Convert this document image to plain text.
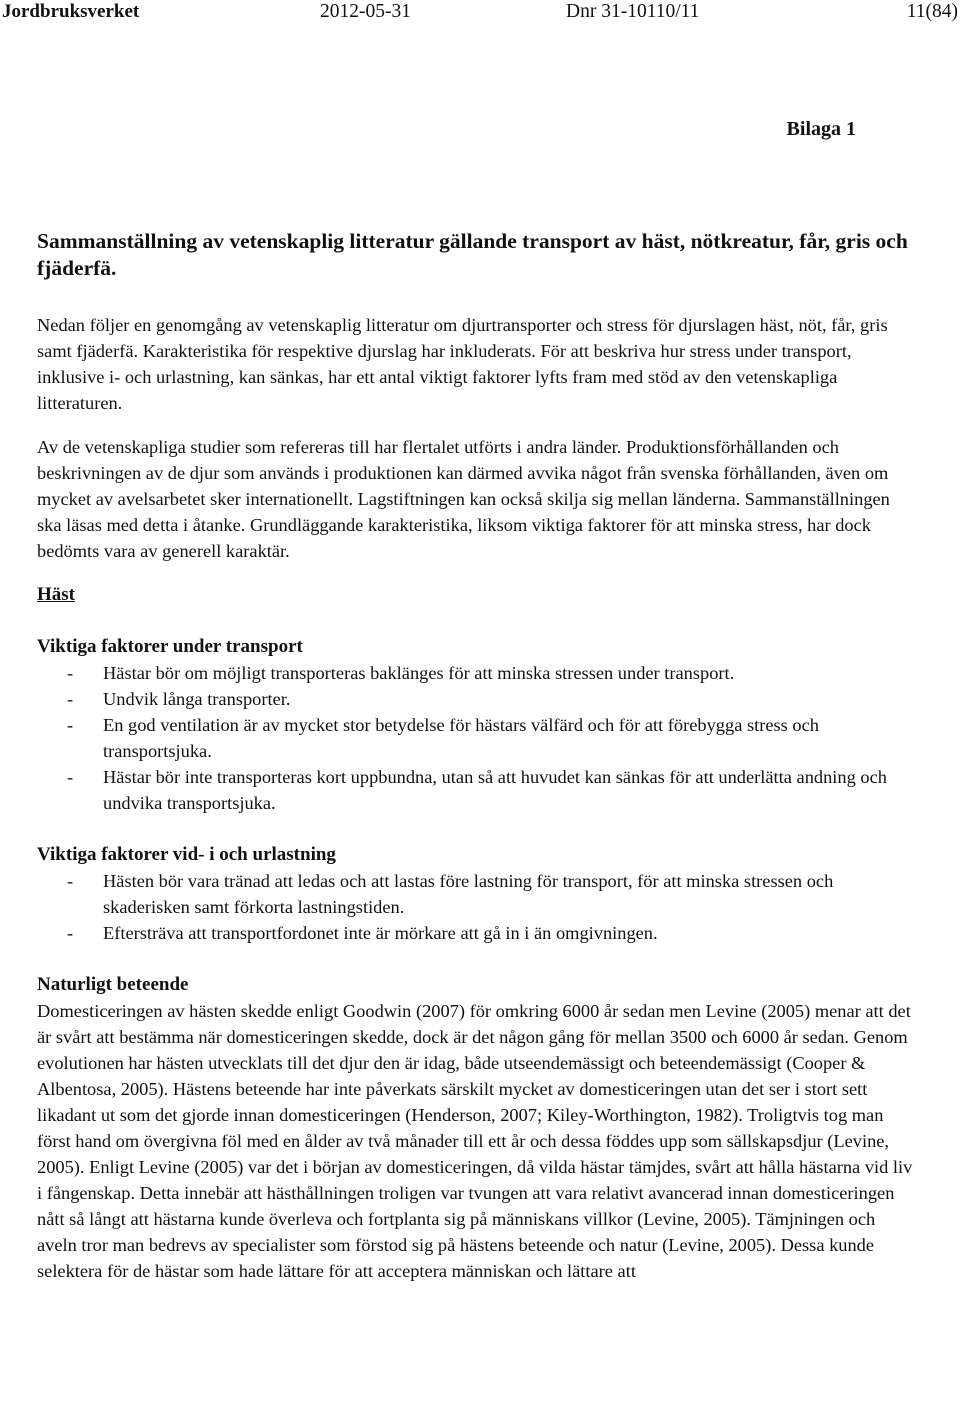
Jordbruksverket	2012-05-31	Dnr 31-10110/11	11(84)
Bilaga 1
Sammanställning av vetenskaplig litteratur gällande transport av häst, nötkreatur, får, gris och fjäderfä.

Nedan följer en genomgång av vetenskaplig litteratur om djurtransporter och stress för djurslagen häst, nöt, får, gris samt fjäderfä. Karakteristika för respektive djurslag har inkluderats. För att beskriva hur stress under transport, inklusive i- och urlastning, kan sänkas, har ett antal viktigt faktorer lyfts fram med stöd av den vetenskapliga litteraturen.

Av de vetenskapliga studier som refereras till har flertalet utförts i andra länder. Produktionsförhållanden och beskrivningen av de djur som används i produktionen kan därmed avvika något från svenska förhållanden, även om mycket av avelsarbetet sker internationellt. Lagstiftningen kan också skilja sig mellan länderna. Sammanställningen ska läsas med detta i åtanke. Grundläggande karakteristika, liksom viktiga faktorer för att minska stress, har dock bedömts vara av generell karaktär.

Häst
Viktiga faktorer under transport
- Hästar bör om möjligt transporteras baklänges för att minska stressen under transport.
- Undvik långa transporter.
- En god ventilation är av mycket stor betydelse för hästars välfärd och för att förebygga stress och transportsjuka.
- Hästar bör inte transporteras kort uppbundna, utan så att huvudet kan sänkas för att underlätta andning och undvika transportsjuka.
Viktiga faktorer vid- i och urlastning
- Hästen bör vara tränad att ledas och att lastas före lastning för transport, för att minska stressen och skaderisken samt förkorta lastningstiden.
- Eftersträva att transportfordonet inte är mörkare att gå in i än omgivningen.
Naturligt beteende

Domesticeringen av hästen skedde enligt Goodwin (2007) för omkring 6000 år sedan men Levine (2005) menar att det är svårt att bestämma när domesticeringen skedde, dock är det någon gång för mellan 3500 och 6000 år sedan. Genom evolutionen har hästen utvecklats till det djur den är idag, både utseendemässigt och beteendemässigt (Cooper & Albentosa, 2005). Hästens beteende har inte påverkats särskilt mycket av domesticeringen utan det ser i stort sett likadant ut som det gjorde innan domesticeringen (Henderson, 2007; Kiley-Worthington, 1982). Troligtvis tog man först hand om övergivna föl med en ålder av två månader till ett år och dessa föddes upp som sällskapsdjur (Levine, 2005). Enligt Levine (2005) var det i början av domesticeringen, då vilda hästar tämjdes, svårt att hålla hästarna vid liv i fångenskap. Detta innebär att hästhållningen troligen var tvungen att vara relativt avancerad innan domesticeringen nått så långt att hästarna kunde överleva och fortplanta sig på människans villkor (Levine, 2005). Tämjningen och aveln tror man bedrevs av specialister som förstod sig på hästens beteende och natur (Levine, 2005). Dessa kunde selektera för de hästar som hade lättare för att acceptera människan och lättare att
